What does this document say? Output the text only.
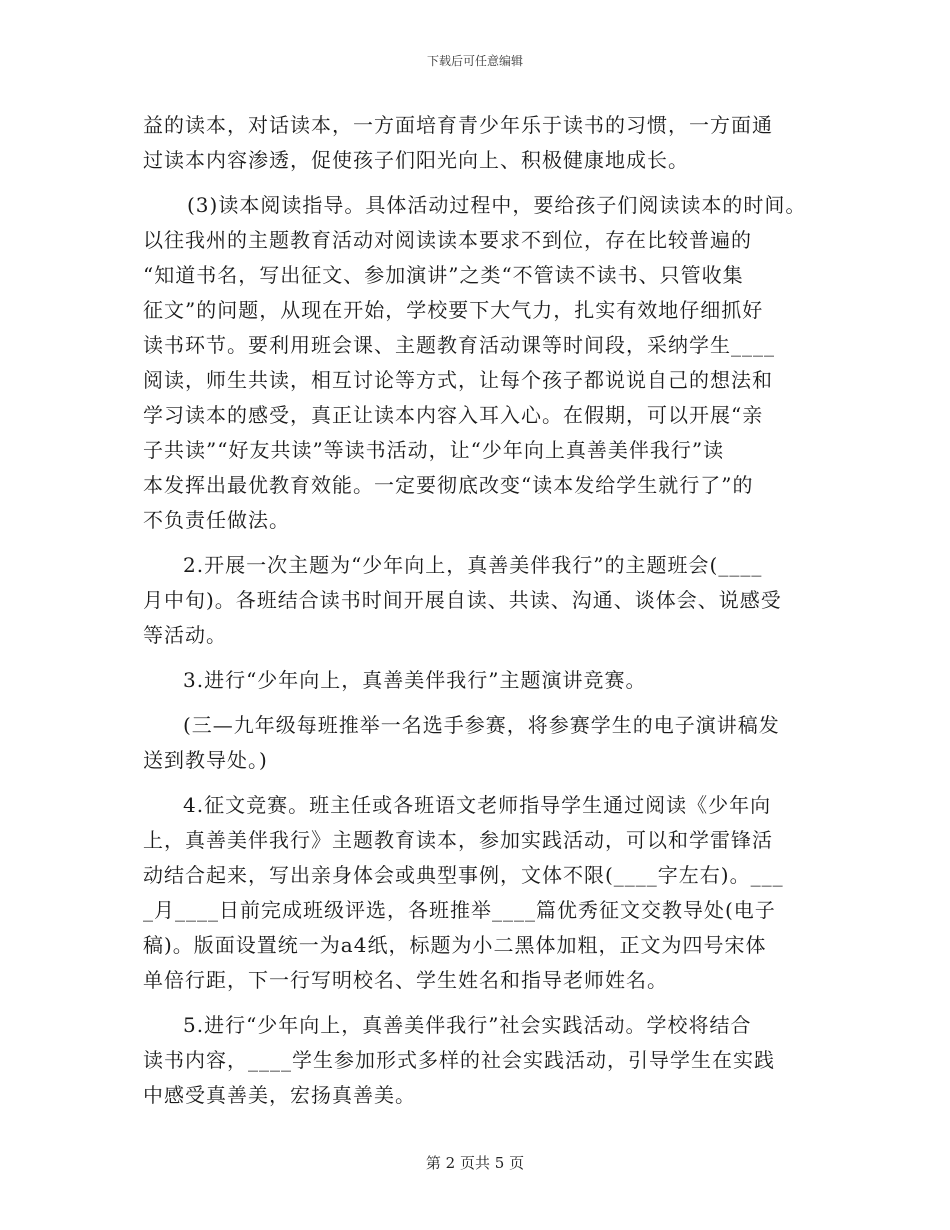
下载后可任意编辑
益的读本，对话读本，一方面培育青少年乐于读书的习惯，一方面通
过读本内容渗透，促使孩子们阳光向上、积极健康地成长。
(3)读本阅读指导。具体活动过程中，要给孩子们阅读读本的时间。
以往我州的主题教育活动对阅读读本要求不到位，存在比较普遍的
“知道书名，写出征文、参加演讲”之类“不管读不读书、只管收集
征文”的问题，从现在开始，学校要下大气力，扎实有效地仔细抓好
读书环节。要利用班会课、主题教育活动课等时间段，采纳学生____
阅读，师生共读，相互讨论等方式，让每个孩子都说说自己的想法和
学习读本的感受，真正让读本内容入耳入心。在假期，可以开展“亲
子共读”“好友共读”等读书活动，让“少年向上真善美伴我行”读
本发挥出最优教育效能。一定要彻底改变“读本发给学生就行了”的
不负责任做法。
2.开展一次主题为“少年向上，真善美伴我行”的主题班会(____
月中旬)。各班结合读书时间开展自读、共读、沟通、谈体会、说感受
等活动。
3.进行“少年向上，真善美伴我行”主题演讲竞赛。
(三—九年级每班推举一名选手参赛，将参赛学生的电子演讲稿发
送到教导处。)
4.征文竞赛。班主任或各班语文老师指导学生通过阅读《少年向
上，真善美伴我行》主题教育读本，参加实践活动，可以和学雷锋活
动结合起来，写出亲身体会或典型事例，文体不限(____字左右)。___
_月____日前完成班级评选，各班推举____篇优秀征文交教导处(电子
稿)。版面设置统一为a4纸，标题为小二黑体加粗，正文为四号宋体
单倍行距，下一行写明校名、学生姓名和指导老师姓名。
5.进行“少年向上，真善美伴我行”社会实践活动。学校将结合
读书内容，____学生参加形式多样的社会实践活动，引导学生在实践
中感受真善美，宏扬真善美。
第 2 页共 5 页
